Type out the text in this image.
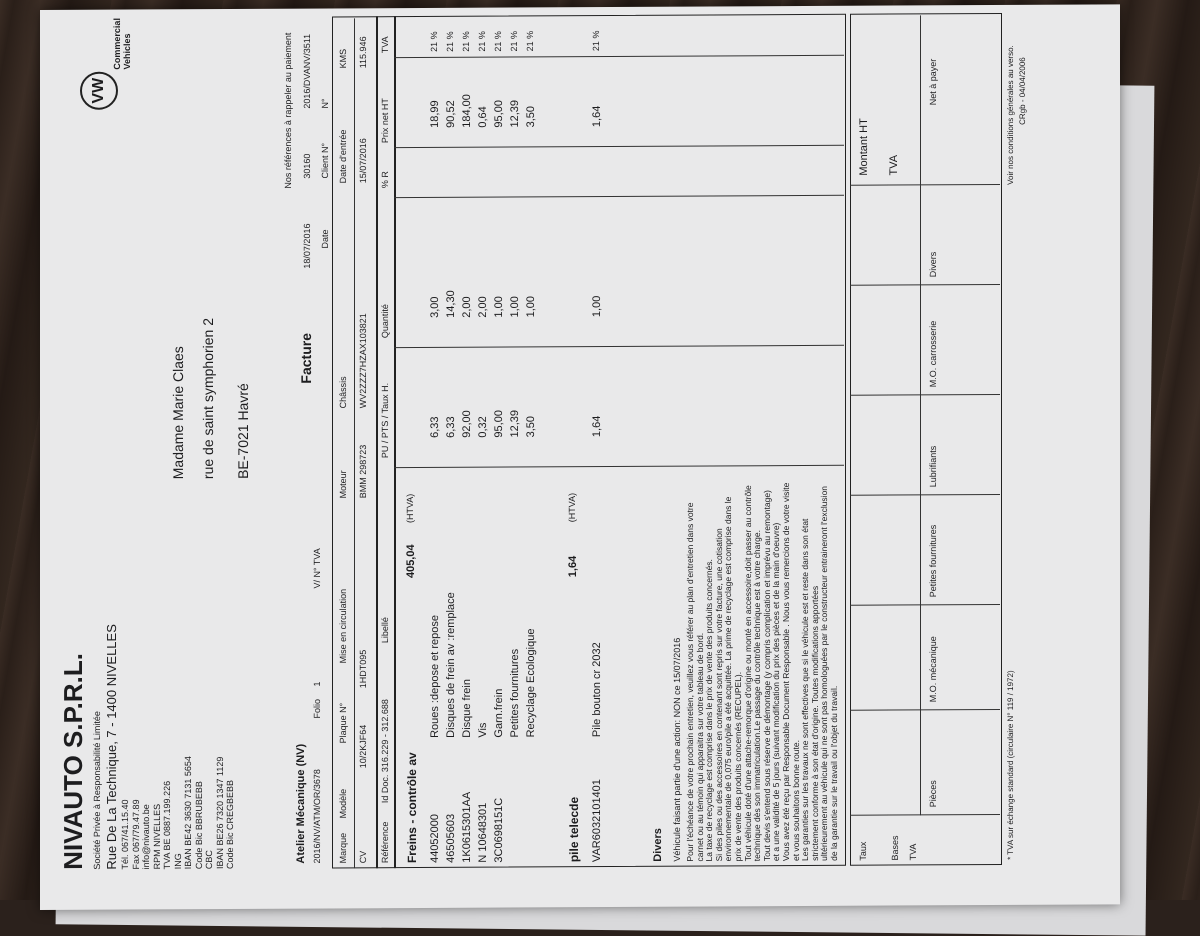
NIVAUTO S.P.R.L. Société Privée à Responsabilité Limitée Rue De La Technique, 7 - 1400 NIVELLES Tél. 067/41.15.40 Fax 067/79.47.89 info@nivauto.be RPM NIVELLES TVA BE 0887.199.226 ING IBAN BE42 3630 7131 5654 Code Bic BBRUBEBB CBC IBAN BE26 7320 1347 1129 Code Bic CREGBEBB
VW
Commercial Vehicles
Madame Marie Claes rue de saint symphorien 2 BE-7021 Havré
Atelier Mécanique (NV) 2016/NV/ATM/OR/3678
Folio
1
V/ N° TVA
Facture
18/07/2016 Date
30160 Client N°
2016/DVANV/3511 N°
Nos références à rappeler au paiement
Marque
Modèle
Plaque N°
Mise en circulation
Moteur
Châssis
Date d'entrée
KMS
CV
10/2KJF64
1HDT095
BMM 298723
WV2ZZZ7HZAX103821
15/07/2016
115.946
Référence
Id Doc. 316.229 - 312.688
Libellé
PU / PTS / Taux H.
Quantité
% R
Prix net HT
TVA
Freins - contrôle av
405,04
(HTVA)
44052000
Roues :depose et repose
6,33
3,00
18,99
21 %
46505603
Disques de frein av :remplace
6,33
14,30
90,52
21 %
1K0615301AA
Disque frein
92,00
2,00
184,00
21 %
N 10648301
Vis
0,32
2,00
0,64
21 %
3C0698151C
Garn.frein
95,00
1,00
95,00
21 %
Petites fournitures
12,39
1,00
12,39
21 %
Recyclage Ecologique
3,50
1,00
3,50
21 %
pile telecde
1,64
(HTVA)
VAR6032101401
Pile bouton cr 2032
1,64
1,00
1,64
21 %
Divers Véhicule faisant partie d'une action: NON ce 15/07/2016 Pour l'échéance de votre prochain entretien, veuillez vous référer au plan d'entretien dans votre carnet ou au témoin qui apparaitra sur votre tableau de bord. La taxe de recyclage est comprise dans le prix de vente des produits concernés. Si des piles ou des accessoires en contenant sont repris sur votre facture, une cotisation environnementale de 0,075 euro/pile a été acquittée. La prime de recyclage est comprise dans le prix de vente des produits concernés (RECUPEL). Tout véhicule doté d'une attache-remorque d'origine ou monté en accessoire,doit passer au contrôle technique dès son immatriculation.Le passage du contrôle technique est à votre charge. Tout devis s'entend sous réserve de démontage (y compris complication et imprévu au remontage) et a une validité de 5 jours (suivant modification du prix des pièces et de la main d'oeuvre) Vous avez été reçu par Responsable Document Responsable . Nous vous remercions de votre visite et vous souhaitons bonne route. Les garanties sur les travaux ne sont effectives que si le véhicule est et reste dans son état strictement conforme à son état d'origine. Toutes modifications apportées ultérieurement au véhicule qui ne sont pas homologuées par le constructeur entraineront l'exclusion de la garantie sur le travail ou l'objet du travail. Taux Bases TVA
Pièces
M.O. mécanique
Petites fournitures
Lubrifiants
M.O. carrosserie
Divers
Montant HT TVA
Net à payer
* TVA sur échange standard (circulaire N° 119 / 1972)
Voir nos conditions générales au verso. CRgb - 04/04/2006
